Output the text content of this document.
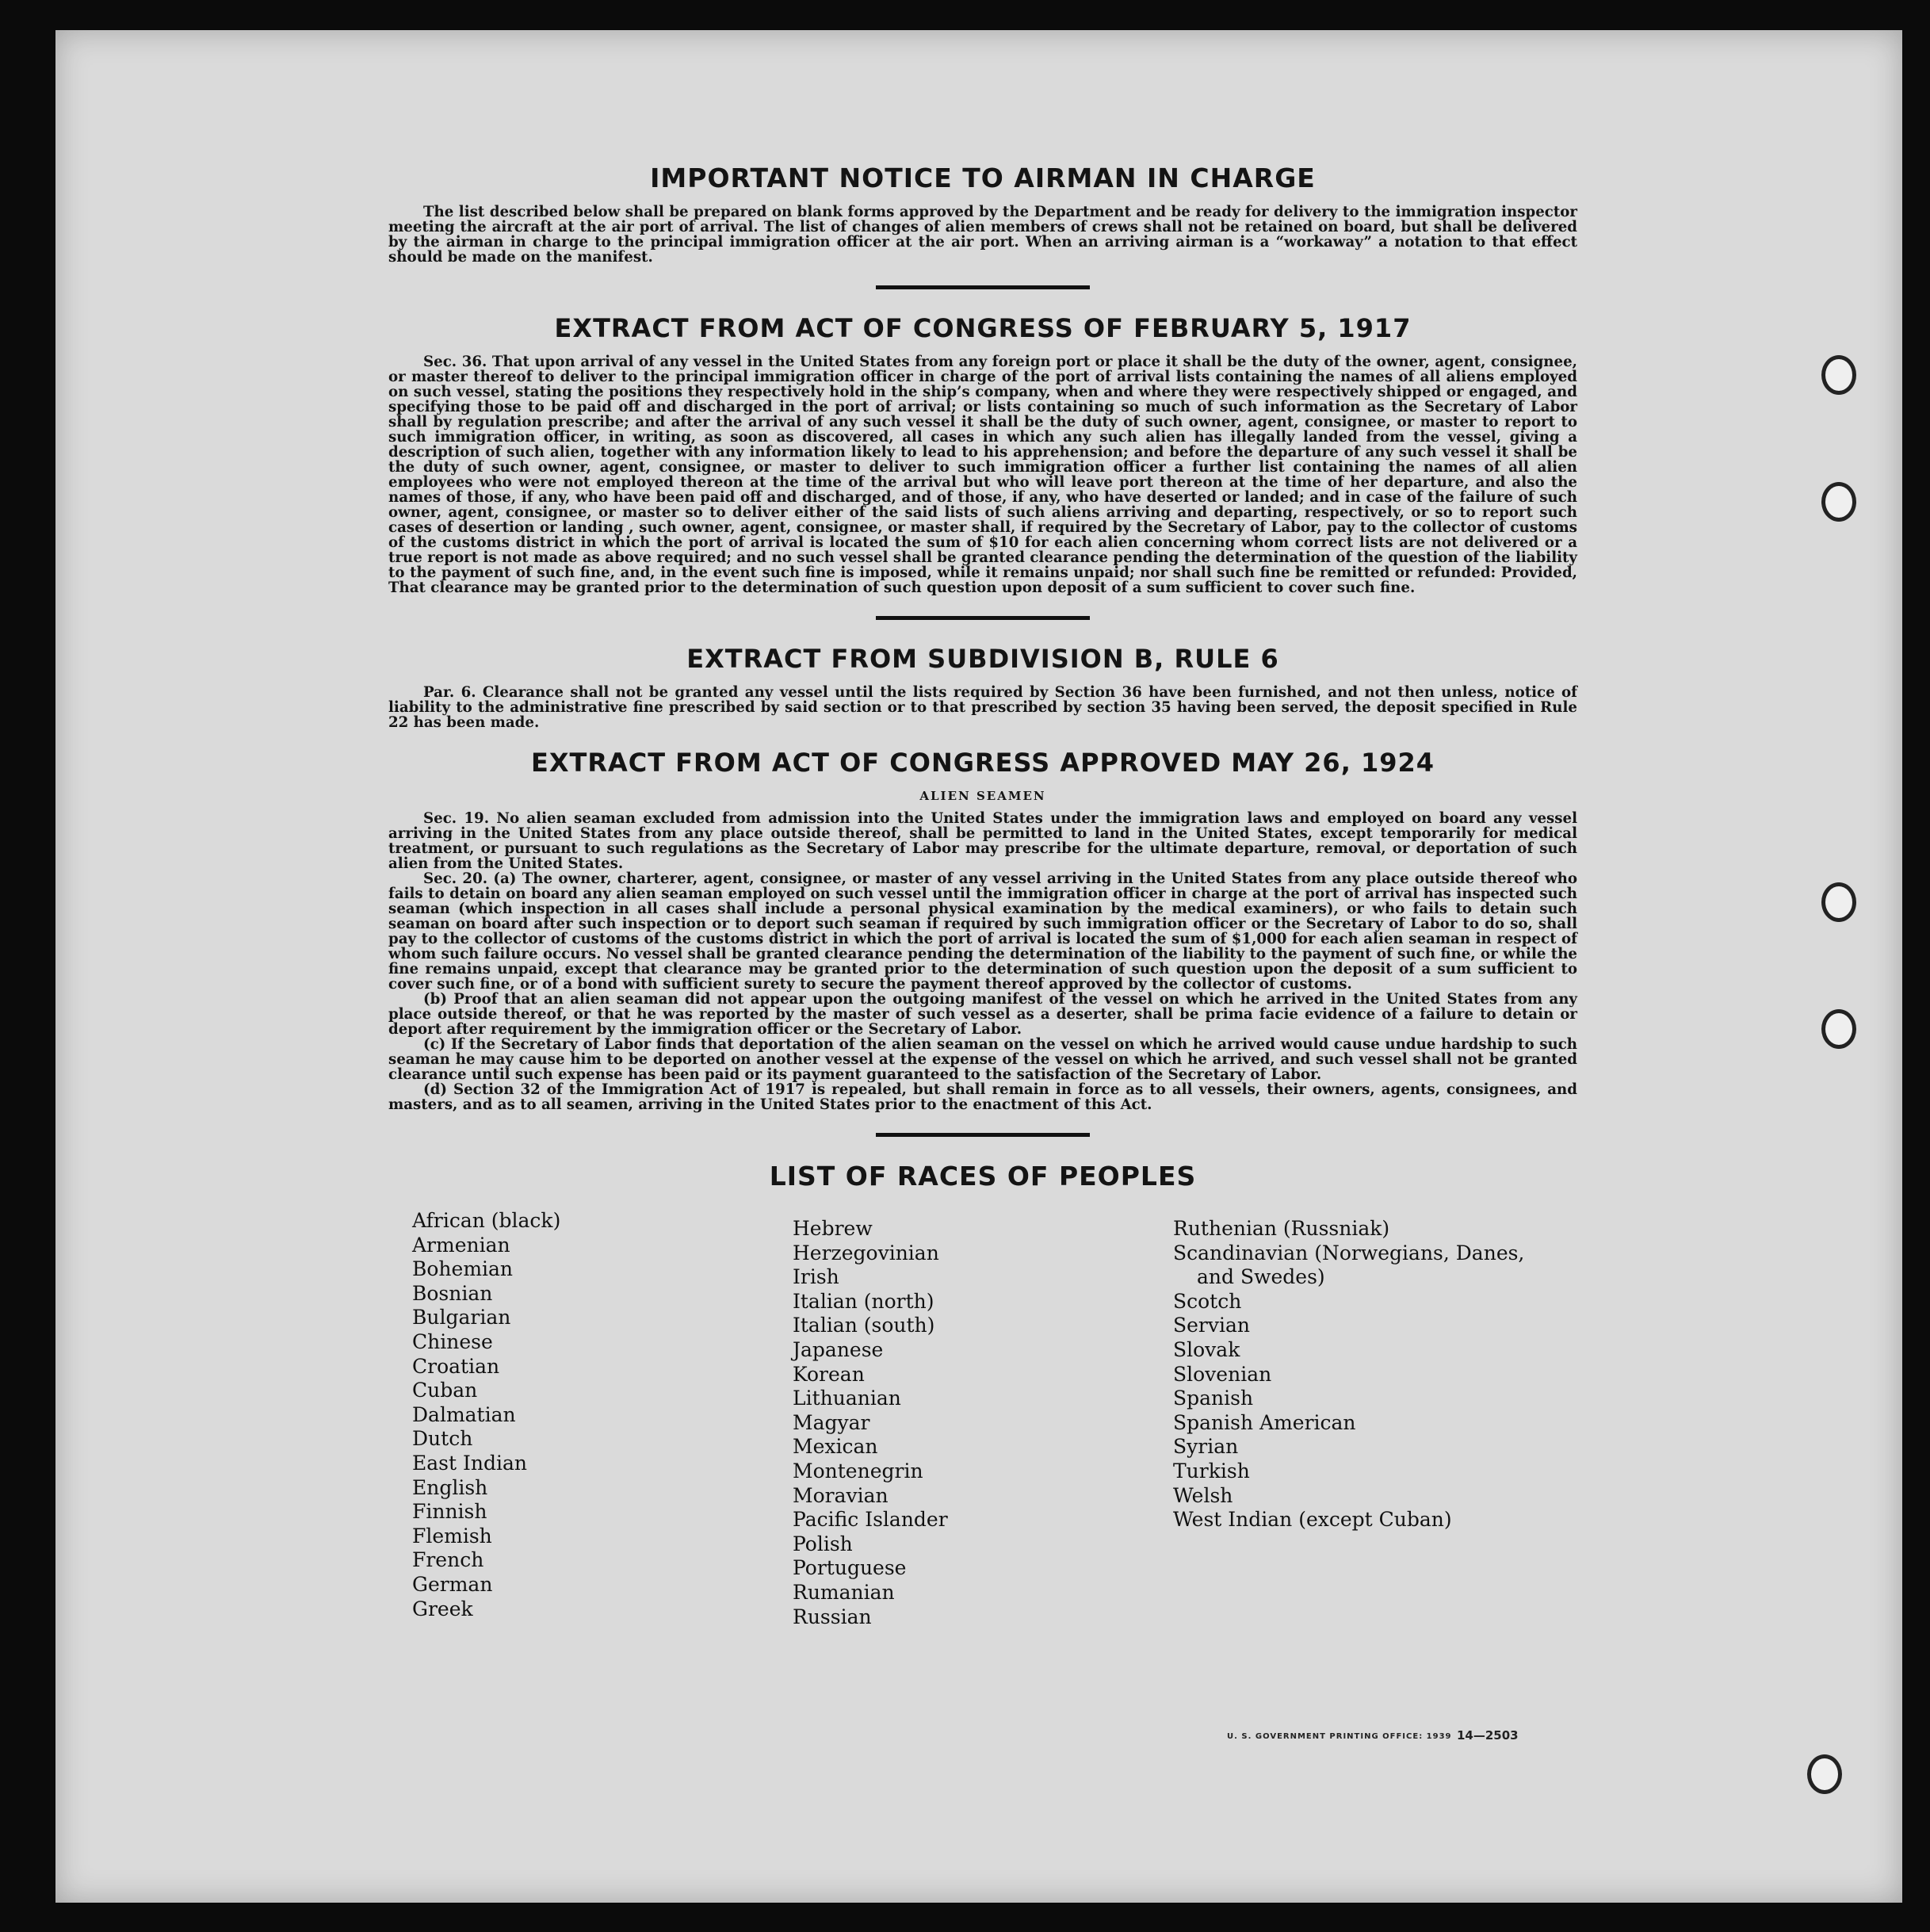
IMPORTANT NOTICE TO AIRMAN IN CHARGE

The list described below shall be prepared on blank forms approved by the Department and be ready for delivery to the immigration inspector meeting the aircraft at the air port of arrival. The list of changes of alien members of crews shall not be retained on board, but shall be delivered by the airman in charge to the principal immigration officer at the air port. When an arriving airman is a “workaway” a notation to that effect should be made on the manifest.

EXTRACT FROM ACT OF CONGRESS OF FEBRUARY 5, 1917

Sec. 36. That upon arrival of any vessel in the United States from any foreign port or place it shall be the duty of the owner, agent, consignee, or master thereof to deliver to the principal immigration officer in charge of the port of arrival lists containing the names of all aliens employed on such vessel, stating the positions they respectively hold in the ship’s company, when and where they were respectively shipped or engaged, and specifying those to be paid off and discharged in the port of arrival; or lists containing so much of such information as the Secretary of Labor shall by regulation prescribe; and after the arrival of any such vessel it shall be the duty of such owner, agent, consignee, or master to report to such immigration officer, in writing, as soon as discovered, all cases in which any such alien has illegally landed from the vessel, giving a description of such alien, together with any information likely to lead to his apprehension; and before the departure of any such vessel it shall be the duty of such owner, agent, consignee, or master to deliver to such immigration officer a further list containing the names of all alien employees who were not employed thereon at the time of the arrival but who will leave port thereon at the time of her departure, and also the names of those, if any, who have been paid off and discharged, and of those, if any, who have deserted or landed; and in case of the failure of such owner, agent, consignee, or master so to deliver either of the said lists of such aliens arriving and departing, respectively, or so to report such cases of desertion or landing , such owner, agent, consignee, or master shall, if required by the Secretary of Labor, pay to the collector of customs of the customs district in which the port of arrival is located the sum of $10 for each alien concerning whom correct lists are not delivered or a true report is not made as above required; and no such vessel shall be granted clearance pending the determination of the question of the liability to the payment of such fine, and, in the event such fine is imposed, while it remains unpaid; nor shall such fine be remitted or refunded: Provided, That clearance may be granted prior to the determination of such question upon deposit of a sum sufficient to cover such fine.

EXTRACT FROM SUBDIVISION B, RULE 6

Par. 6. Clearance shall not be granted any vessel until the lists required by Section 36 have been furnished, and not then unless, notice of liability to the administrative fine prescribed by said section or to that prescribed by section 35 having been served, the deposit specified in Rule 22 has been made.

EXTRACT FROM ACT OF CONGRESS APPROVED MAY 26, 1924
ALIEN SEAMEN

Sec. 19. No alien seaman excluded from admission into the United States under the immigration laws and employed on board any vessel arriving in the United States from any place outside thereof, shall be permitted to land in the United States, except temporarily for medical treatment, or pursuant to such regulations as the Secretary of Labor may prescribe for the ultimate departure, removal, or deportation of such alien from the United States.

Sec. 20. (a) The owner, charterer, agent, consignee, or master of any vessel arriving in the United States from any place outside thereof who fails to detain on board any alien seaman employed on such vessel until the immigration officer in charge at the port of arrival has inspected such seaman (which inspection in all cases shall include a personal physical examination by the medical examiners), or who fails to detain such seaman on board after such inspection or to deport such seaman if required by such immigration officer or the Secretary of Labor to do so, shall pay to the collector of customs of the customs district in which the port of arrival is located the sum of $1,000 for each alien seaman in respect of whom such failure occurs. No vessel shall be granted clearance pending the determination of the liability to the payment of such fine, or while the fine remains unpaid, except that clearance may be granted prior to the determination of such question upon the deposit of a sum sufficient to cover such fine, or of a bond with sufficient surety to secure the payment thereof approved by the collector of customs.

(b) Proof that an alien seaman did not appear upon the outgoing manifest of the vessel on which he arrived in the United States from any place outside thereof, or that he was reported by the master of such vessel as a deserter, shall be prima facie evidence of a failure to detain or deport after requirement by the immigration officer or the Secretary of Labor.

(c) If the Secretary of Labor finds that deportation of the alien seaman on the vessel on which he arrived would cause undue hardship to such seaman he may cause him to be deported on another vessel at the expense of the vessel on which he arrived, and such vessel shall not be granted clearance until such expense has been paid or its payment guaranteed to the satisfaction of the Secretary of Labor.

(d) Section 32 of the Immigration Act of 1917 is repealed, but shall remain in force as to all vessels, their owners, agents, consignees, and masters, and as to all seamen, arriving in the United States prior to the enactment of this Act.

LIST OF RACES OF PEOPLES
African (black)
Armenian
Bohemian
Bosnian
Bulgarian
Chinese
Croatian
Cuban
Dalmatian
Dutch
East Indian
English
Finnish
Flemish
French
German
Greek
Hebrew
Herzegovinian
Irish
Italian (north)
Italian (south)
Japanese
Korean
Lithuanian
Magyar
Mexican
Montenegrin
Moravian
Pacific Islander
Polish
Portuguese
Rumanian
Russian
Ruthenian (Russniak)
Scandinavian (Norwegians, Danes,
and Swedes)
Scotch
Servian
Slovak
Slovenian
Spanish
Spanish American
Syrian
Turkish
Welsh
West Indian (except Cuban)
U. S. GOVERNMENT PRINTING OFFICE: 1939 14—2503
